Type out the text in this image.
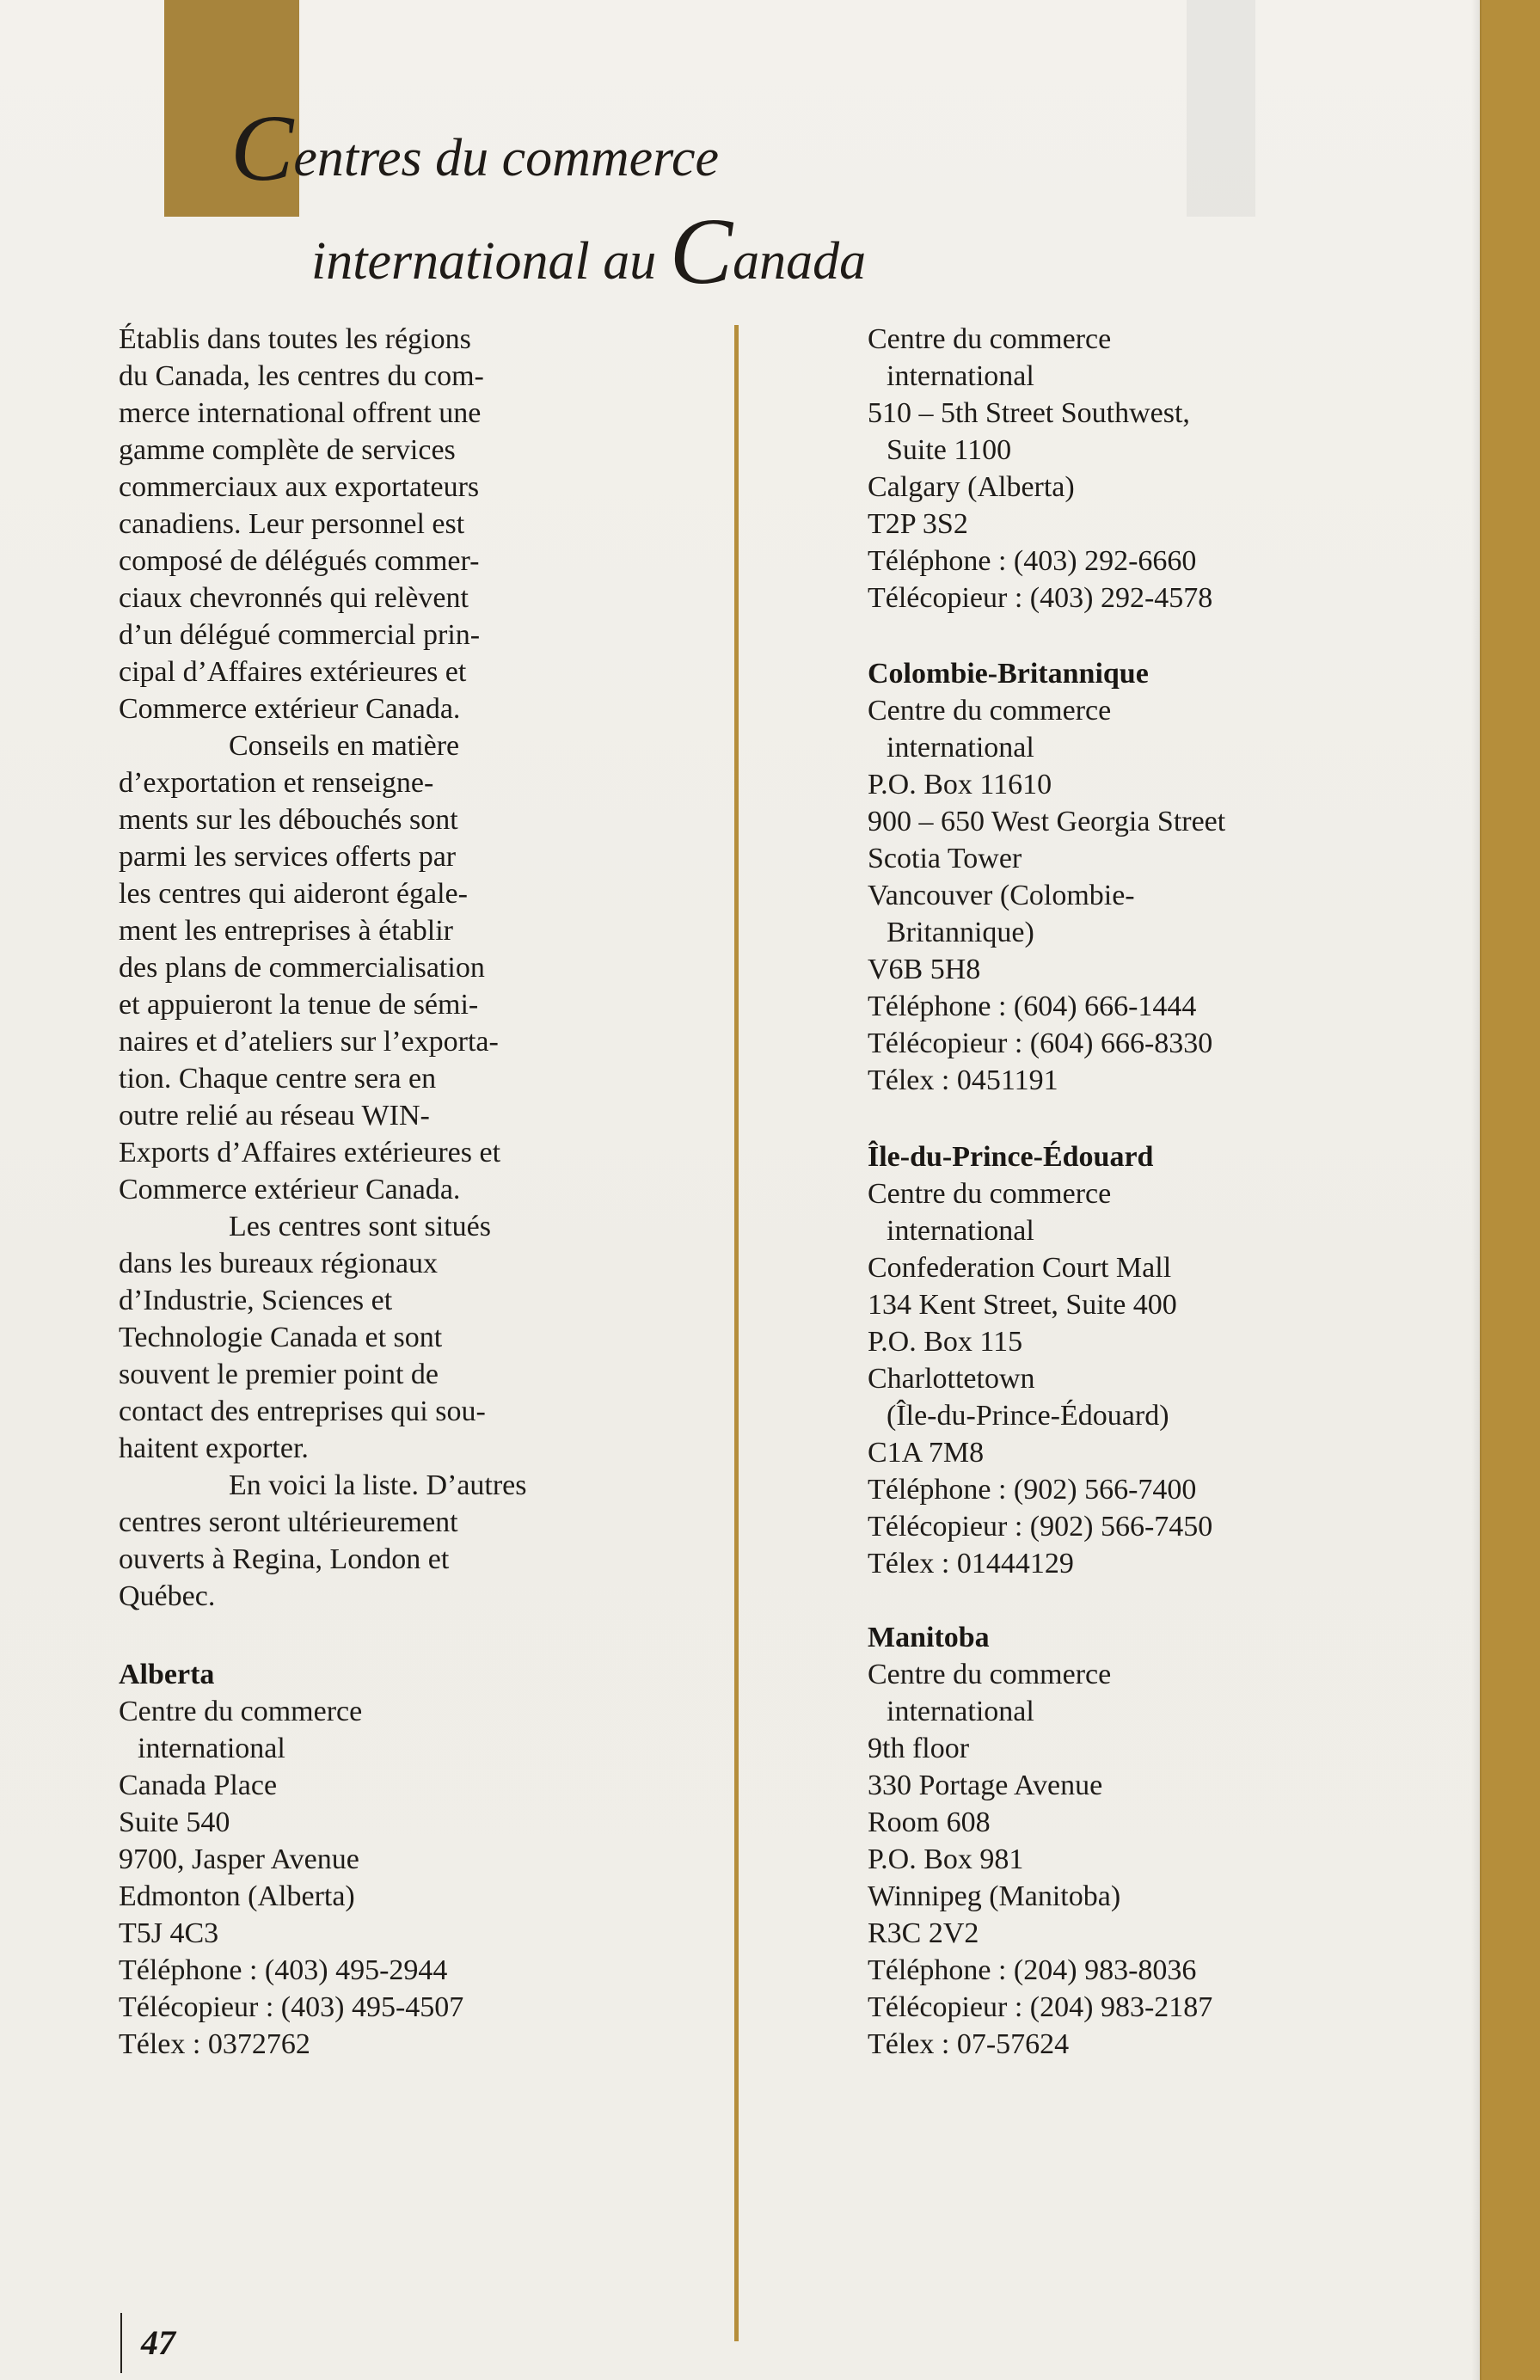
Centres du commerce
international au Canada
Établis dans toutes les régions
du Canada, les centres du com-
merce international offrent une
gamme complète de services
commerciaux aux exportateurs
canadiens. Leur personnel est
composé de délégués commer-
ciaux chevronnés qui relèvent
d’un délégué commercial prin-
cipal d’Affaires extérieures et
Commerce extérieur Canada.
Conseils en matière
d’exportation et renseigne-
ments sur les débouchés sont
parmi les services offerts par
les centres qui aideront égale-
ment les entreprises à établir
des plans de commercialisation
et appuieront la tenue de sémi-
naires et d’ateliers sur l’exporta-
tion. Chaque centre sera en
outre relié au réseau WIN-
Exports d’Affaires extérieures et
Commerce extérieur Canada.
Les centres sont situés
dans les bureaux régionaux
d’Industrie, Sciences et
Technologie Canada et sont
souvent le premier point de
contact des entreprises qui sou-
haitent exporter.
En voici la liste. D’autres
centres seront ultérieurement
ouverts à Regina, London et
Québec.
Alberta
Centre du commerce
international
Canada Place
Suite 540
9700, Jasper Avenue
Edmonton (Alberta)
T5J 4C3
Téléphone : (403) 495-2944
Télécopieur : (403) 495-4507
Télex : 0372762
Centre du commerce
international
510 – 5th Street Southwest,
Suite 1100
Calgary (Alberta)
T2P 3S2
Téléphone : (403) 292-6660
Télécopieur : (403) 292-4578
Colombie-Britannique
Centre du commerce
international
P.O. Box 11610
900 – 650 West Georgia Street
Scotia Tower
Vancouver (Colombie-
Britannique)
V6B 5H8
Téléphone : (604) 666-1444
Télécopieur : (604) 666-8330
Télex : 0451191
Île-du-Prince-Édouard
Centre du commerce
international
Confederation Court Mall
134 Kent Street, Suite 400
P.O. Box 115
Charlottetown
(Île-du-Prince-Édouard)
C1A 7M8
Téléphone : (902) 566-7400
Télécopieur : (902) 566-7450
Télex : 01444129
Manitoba
Centre du commerce
international
9th floor
330 Portage Avenue
Room 608
P.O. Box 981
Winnipeg (Manitoba)
R3C 2V2
Téléphone : (204) 983-8036
Télécopieur : (204) 983-2187
Télex : 07-57624
47
